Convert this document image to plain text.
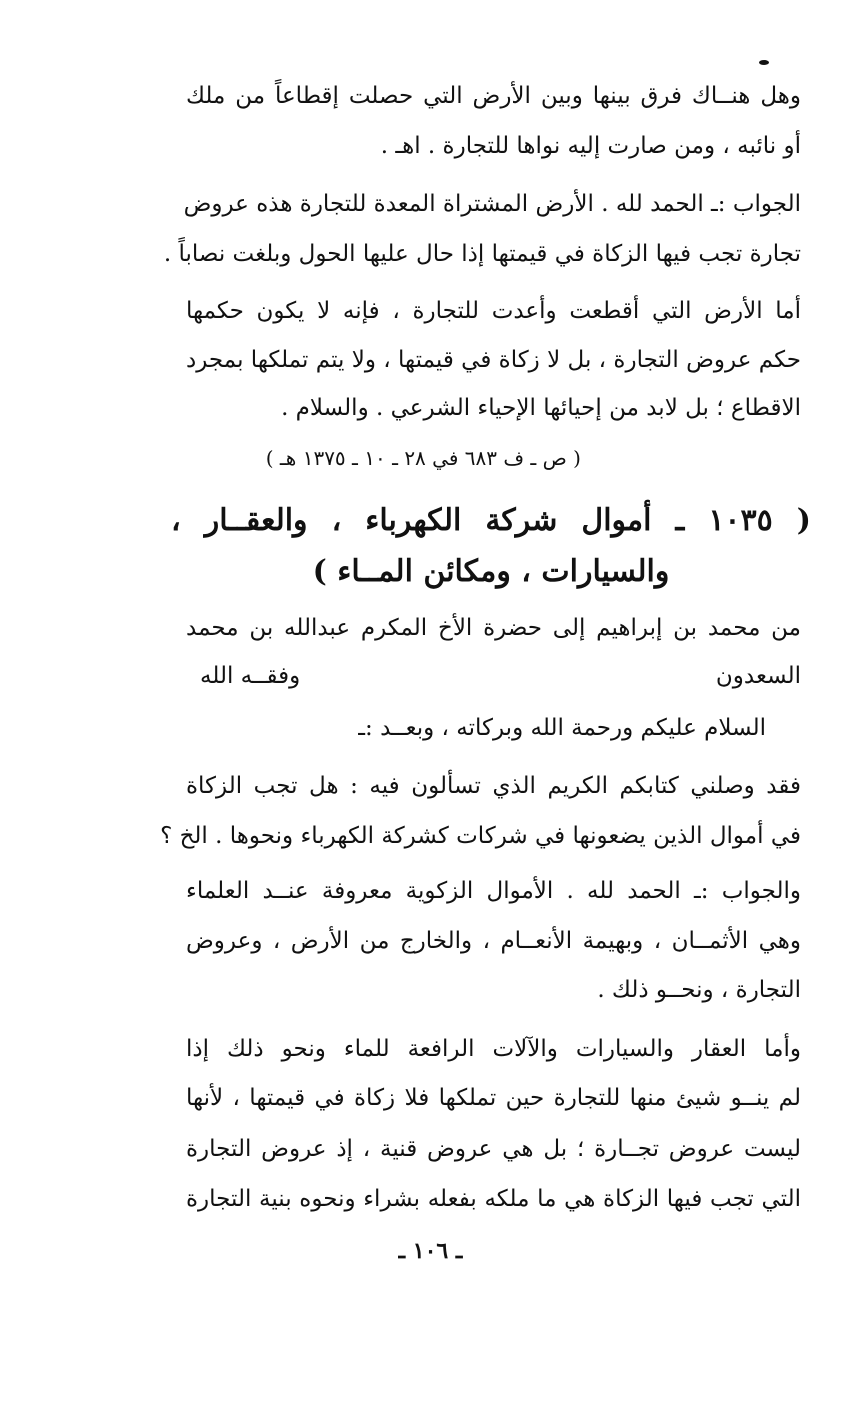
وهل هنــاك فرق بينها وبين الأرض التي حصلت إقطاعاً من ملك
أو نائبه ، ومن صارت إليه نواها للتجارة . اهـ .
الجواب :ـ الحمد لله . الأرض المشتراة المعدة للتجارة هذه عروض
تجارة تجب فيها الزكاة في قيمتها إذا حال عليها الحول وبلغت نصاباً .
أما الأرض التي أقطعت وأعدت للتجارة ، فإنه لا يكون حكمها
حكم عروض التجارة ، بل لا زكاة في قيمتها ، ولا يتم تملكها بمجرد
الاقطاع ؛ بل لابد من إحيائها الإحياء الشرعي . والسلام .
( ص ـ ف ٦٨٣ في ٢٨ ـ ١٠ ـ ١٣٧٥ هـ )
( ١٠٣٥ ـ أموال شركة الكهرباء ، والعقــار ،
والسيارات ، ومكائن المــاء )
من محمد بن إبراهيم إلى حضرة الأخ المكرم عبدالله بن محمد
السعدون
وفقــه الله
السلام عليكم ورحمة الله وبركاته ، وبعــد :ـ
فقد وصلني كتابكم الكريم الذي تسألون فيه : هل تجب الزكاة
في أموال الذين يضعونها في شركات كشركة الكهرباء ونحوها . الخ ؟
والجواب :ـ الحمد لله . الأموال الزكوية معروفة عنــد العلماء
وهي الأثمــان ، وبهيمة الأنعــام ، والخارج من الأرض ، وعروض
التجارة ، ونحــو ذلك .
وأما العقار والسيارات والآلات الرافعة للماء ونحو ذلك إذا
لم ينــو شيئ منها للتجارة حين تملكها فلا زكاة في قيمتها ، لأنها
ليست عروض تجــارة ؛ بل هي عروض قنية ، إذ عروض التجارة
التي تجب فيها الزكاة هي ما ملكه بفعله بشراء ونحوه بنية التجارة
ـ ١٠٦ ـ
